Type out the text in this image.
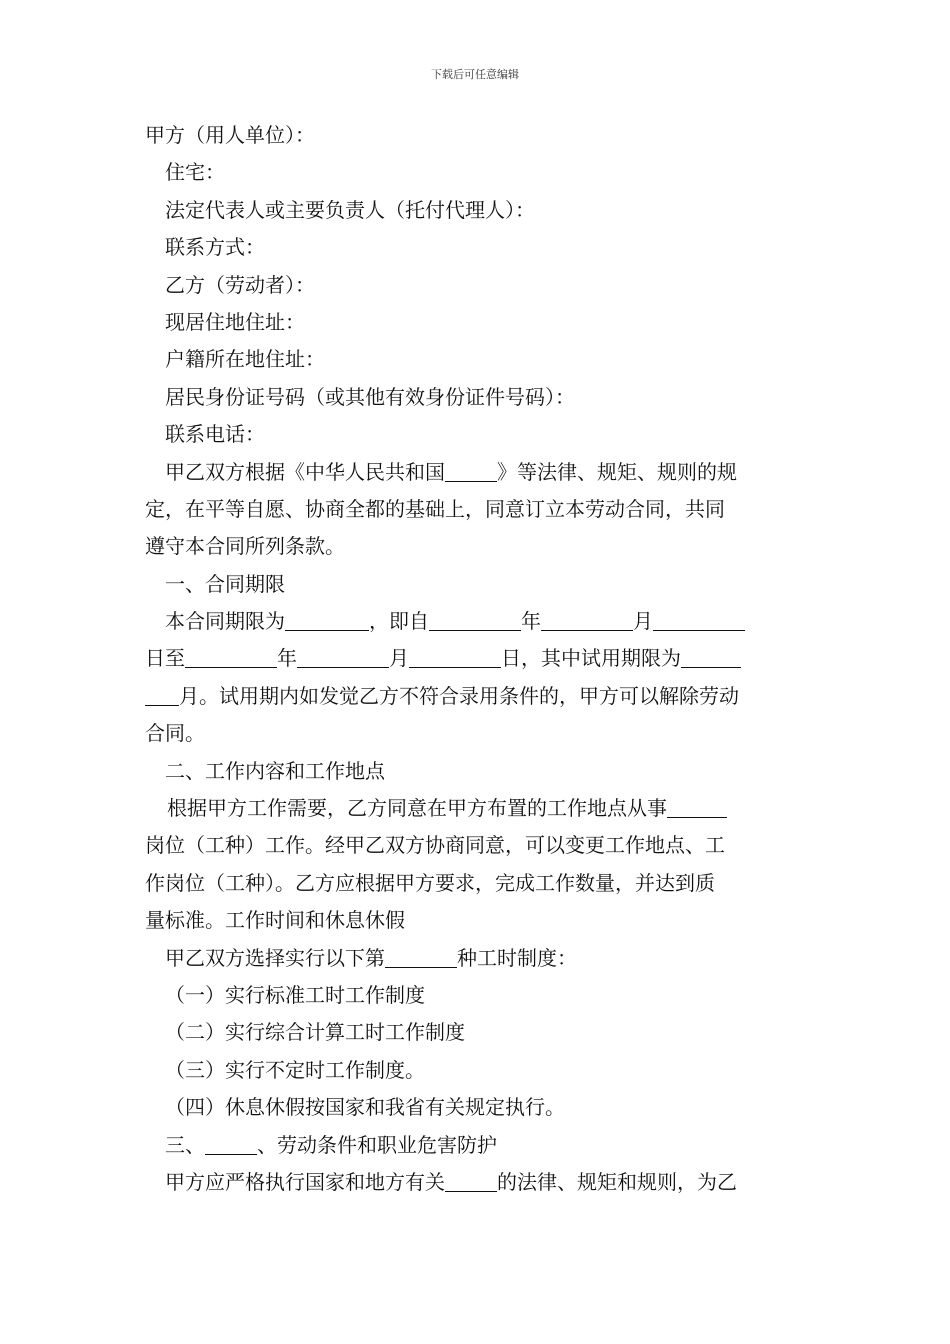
下载后可任意编辑
甲方（用人单位）：
住宅：
法定代表人或主要负责人（托付代理人）：
联系方式：
乙方（劳动者）：
现居住地住址：
户籍所在地住址：
居民身份证号码（或其他有效身份证件号码）：
联系电话：
甲乙双方根据《中华人民共和国	》等法律、规矩、规则的规
定，在平等自愿、协商全都的基础上，同意订立本劳动合同，共同
遵守本合同所列条款。
一、合同期限
本合同期限为	，即自	年	月
日至	年	月	日，其中试用期限为
月。试用期内如发觉乙方不符合录用条件的，甲方可以解除劳动
合同。
二、工作内容和工作地点
根据甲方工作需要，乙方同意在甲方布置的工作地点从事
岗位（工种）工作。经甲乙双方协商同意，可以变更工作地点、工
作岗位（工种）。乙方应根据甲方要求，完成工作数量，并达到质
量标准。工作时间和休息休假
甲乙双方选择实行以下第	种工时制度：
（一）实行标准工时工作制度
（二）实行综合计算工时工作制度
（三）实行不定时工作制度。
（四）休息休假按国家和我省有关规定执行。
三、	、劳动条件和职业危害防护
甲方应严格执行国家和地方有关	的法律、规矩和规则，为乙
